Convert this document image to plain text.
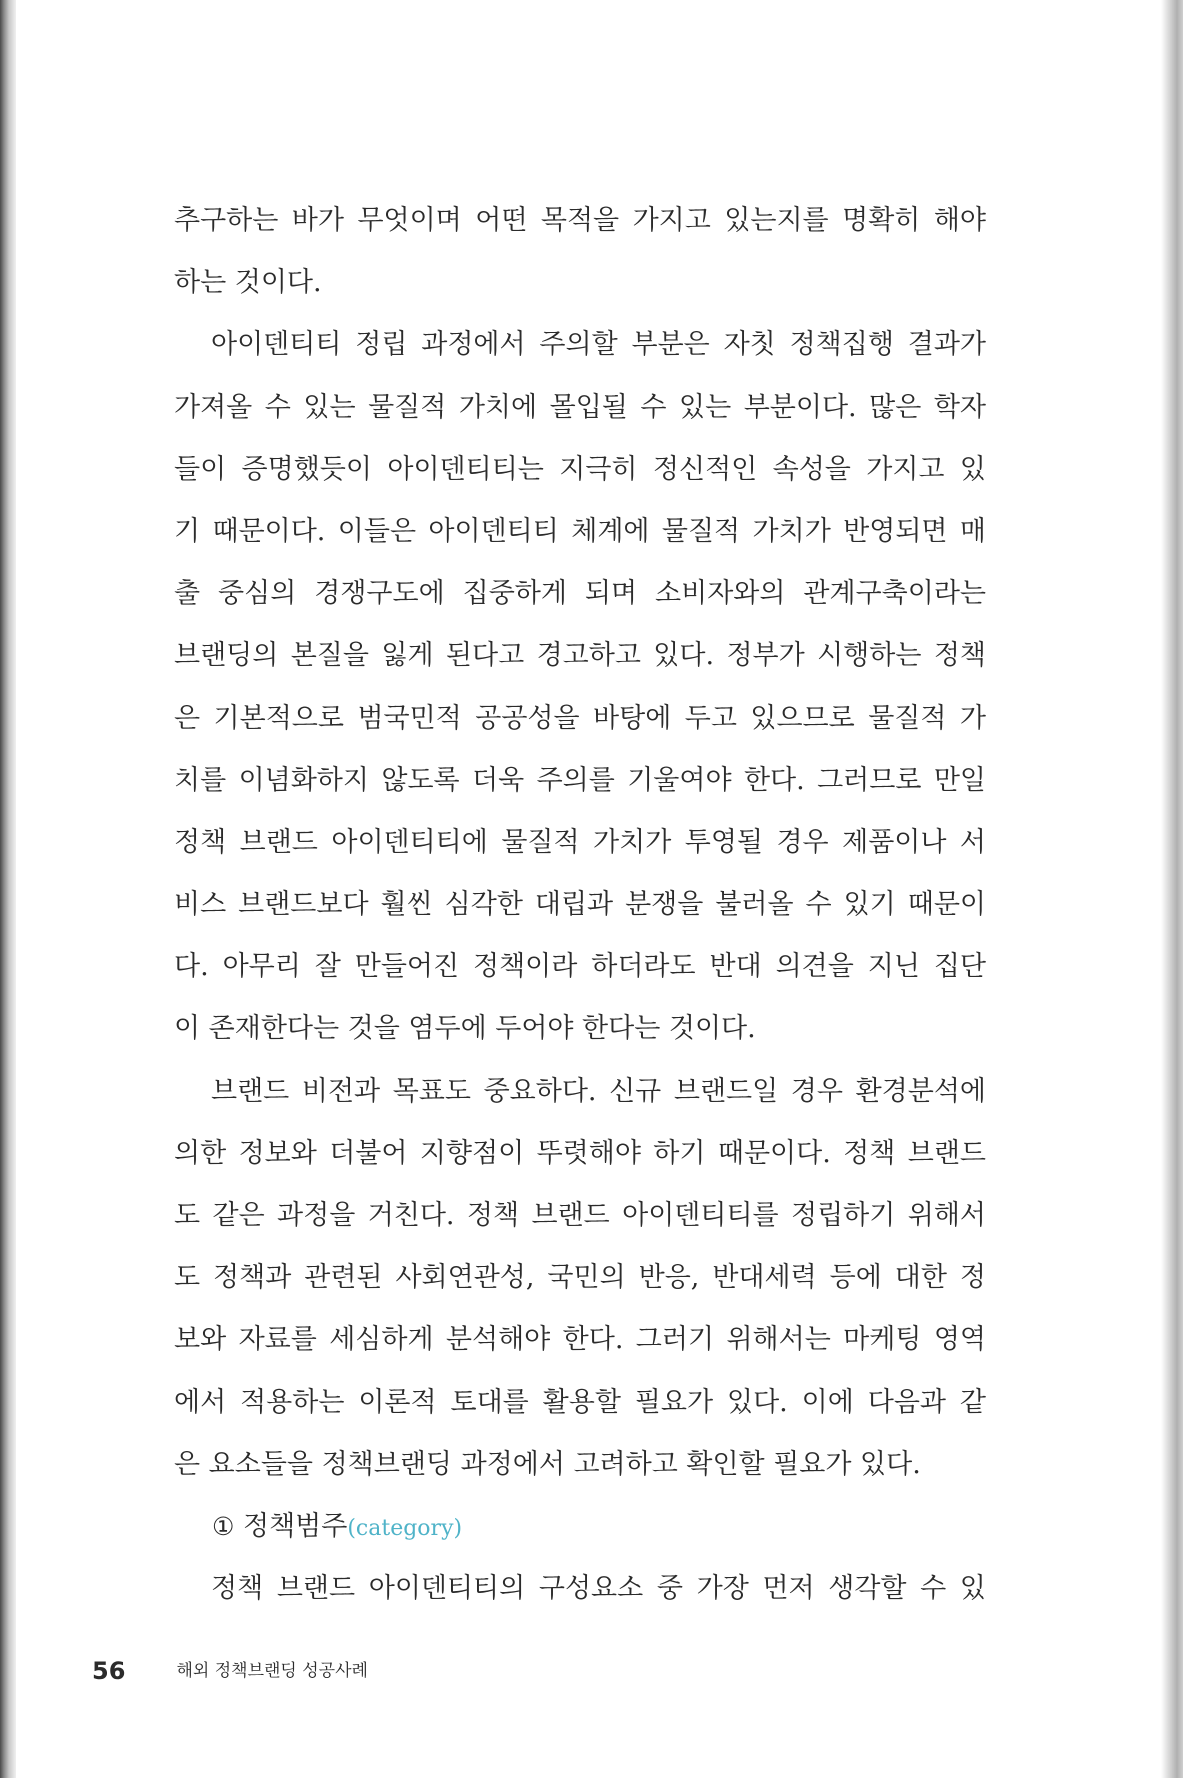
추구하는 바가 무엇이며 어떤 목적을 가지고 있는지를 명확히 해야
하는 것이다.
아이덴티티 정립 과정에서 주의할 부분은 자칫 정책집행 결과가
가져올 수 있는 물질적 가치에 몰입될 수 있는 부분이다. 많은 학자
들이 증명했듯이 아이덴티티는 지극히 정신적인 속성을 가지고 있
기 때문이다. 이들은 아이덴티티 체계에 물질적 가치가 반영되면 매
출 중심의 경쟁구도에 집중하게 되며 소비자와의 관계구축이라는
브랜딩의 본질을 잃게 된다고 경고하고 있다. 정부가 시행하는 정책
은 기본적으로 범국민적 공공성을 바탕에 두고 있으므로 물질적 가
치를 이념화하지 않도록 더욱 주의를 기울여야 한다. 그러므로 만일
정책 브랜드 아이덴티티에 물질적 가치가 투영될 경우 제품이나 서
비스 브랜드보다 훨씬 심각한 대립과 분쟁을 불러올 수 있기 때문이
다. 아무리 잘 만들어진 정책이라 하더라도 반대 의견을 지닌 집단
이 존재한다는 것을 염두에 두어야 한다는 것이다.
브랜드 비전과 목표도 중요하다. 신규 브랜드일 경우 환경분석에
의한 정보와 더불어 지향점이 뚜렷해야 하기 때문이다. 정책 브랜드
도 같은 과정을 거친다. 정책 브랜드 아이덴티티를 정립하기 위해서
도 정책과 관련된 사회연관성, 국민의 반응, 반대세력 등에 대한 정
보와 자료를 세심하게 분석해야 한다. 그러기 위해서는 마케팅 영역
에서 적용하는 이론적 토대를 활용할 필요가 있다. 이에 다음과 같
은 요소들을 정책브랜딩 과정에서 고려하고 확인할 필요가 있다.
① 정책범주(category)
정책 브랜드 아이덴티티의 구성요소 중 가장 먼저 생각할 수 있
56	해외 정책브랜딩 성공사례
